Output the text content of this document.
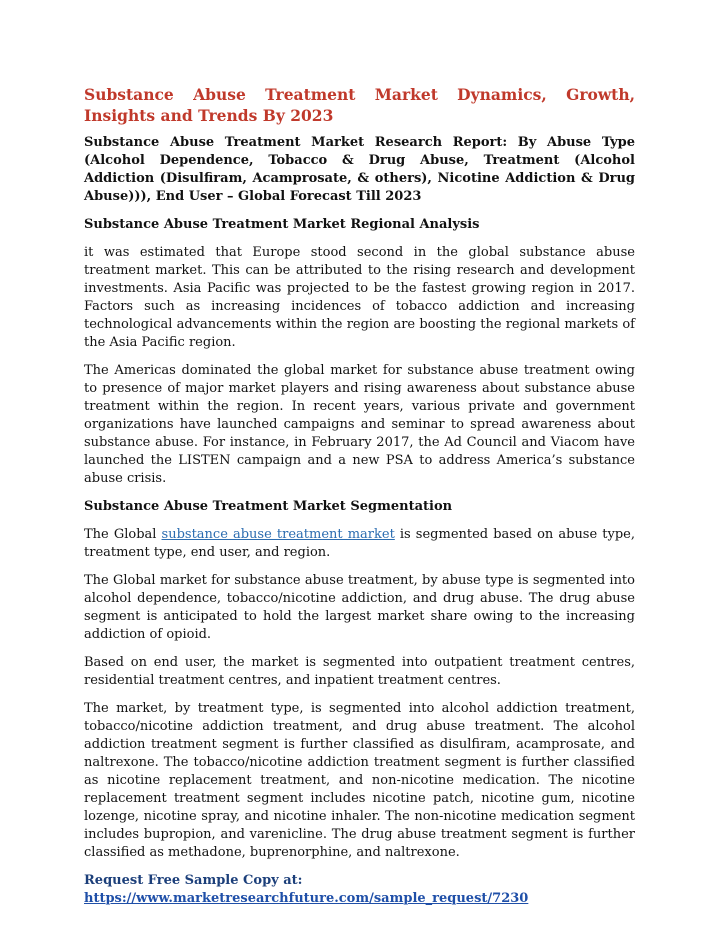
Substance Abuse Treatment Market Dynamics, Growth, Insights and Trends By 2023
Substance Abuse Treatment Market Research Report: By Abuse Type (Alcohol Dependence, Tobacco & Drug Abuse, Treatment (Alcohol Addiction (Disulfiram, Acamprosate, & others), Nicotine Addiction & Drug Abuse))), End User – Global Forecast Till 2023
Substance Abuse Treatment Market Regional Analysis

it was estimated that Europe stood second in the global substance abuse treatment market. This can be attributed to the rising research and development investments. Asia Pacific was projected to be the fastest growing region in 2017. Factors such as increasing incidences of tobacco addiction and increasing technological advancements within the region are boosting the regional markets of the Asia Pacific region.

The Americas dominated the global market for substance abuse treatment owing to presence of major market players and rising awareness about substance abuse treatment within the region. In recent years, various private and government organizations have launched campaigns and seminar to spread awareness about substance abuse. For instance, in February 2017, the Ad Council and Viacom have launched the LISTEN campaign and a new PSA to address America’s substance abuse crisis.

Substance Abuse Treatment Market Segmentation

The Global substance abuse treatment market is segmented based on abuse type, treatment type, end user, and region.

The Global market for substance abuse treatment, by abuse type is segmented into alcohol dependence, tobacco/nicotine addiction, and drug abuse. The drug abuse segment is anticipated to hold the largest market share owing to the increasing addiction of opioid.

Based on end user, the market is segmented into outpatient treatment centres, residential treatment centres, and inpatient treatment centres.

The market, by treatment type, is segmented into alcohol addiction treatment, tobacco/nicotine addiction treatment, and drug abuse treatment. The alcohol addiction treatment segment is further classified as disulfiram, acamprosate, and naltrexone. The tobacco/nicotine addiction treatment segment is further classified as nicotine replacement treatment, and non-nicotine medication. The nicotine replacement treatment segment includes nicotine patch, nicotine gum, nicotine lozenge, nicotine spray, and nicotine inhaler. The non-nicotine medication segment includes bupropion, and varenicline. The drug abuse treatment segment is further classified as methadone, buprenorphine, and naltrexone.

Request Free Sample Copy at:
https://www.marketresearchfuture.com/sample_request/7230
